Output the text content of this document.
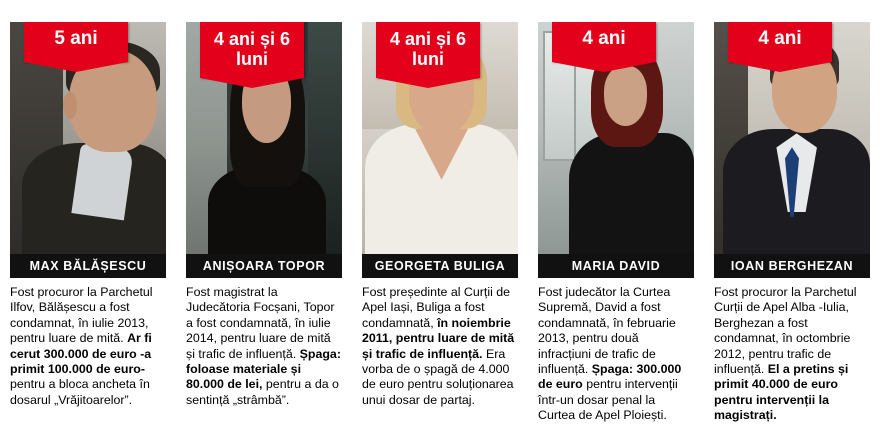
5 ani
MAX BĂLĂȘESCU
Fost procuror la Parchetul Ilfov, Bălășescu a fost condamnat, în iulie 2013, pentru luare de mită. Ar fi cerut 300.000 de euro -a primit 100.000 de euro- pentru a bloca ancheta în dosarul „Vrăjitoarelor”.
4 ani și 6 luni
ANIȘOARA TOPOR
Fost magistrat la Judecătoria Focșani, Topor a fost condamnată, în iulie 2014, pentru luare de mită și trafic de influență. Șpaga: foloase materiale și 80.000 de lei, pentru a da o sentință „strâmbă”.
4 ani și 6 luni
GEORGETA BULIGA
Fost președinte al Curții de Apel Iași, Buliga a fost condamnată, în noiembrie 2011, pentru luare de mită și trafic de influență. Era vorba de o șpagă de 4.000 de euro pentru soluționarea unui dosar de partaj.
4 ani
MARIA DAVID
Fost judecător la Curtea Supremă, David a fost condamnată, în februarie 2013, pentru două infracțiuni de trafic de influență. Șpaga: 300.000 de euro pentru intervenții într-un dosar penal la Curtea de Apel Ploiești.
4 ani
IOAN BERGHEZAN
Fost procuror la Parchetul Curții de Apel Alba -Iulia, Berghezan a fost condamnat, în octombrie 2012, pentru trafic de influență. El a pretins și primit 40.000 de euro pentru intervenții la magistrați.
